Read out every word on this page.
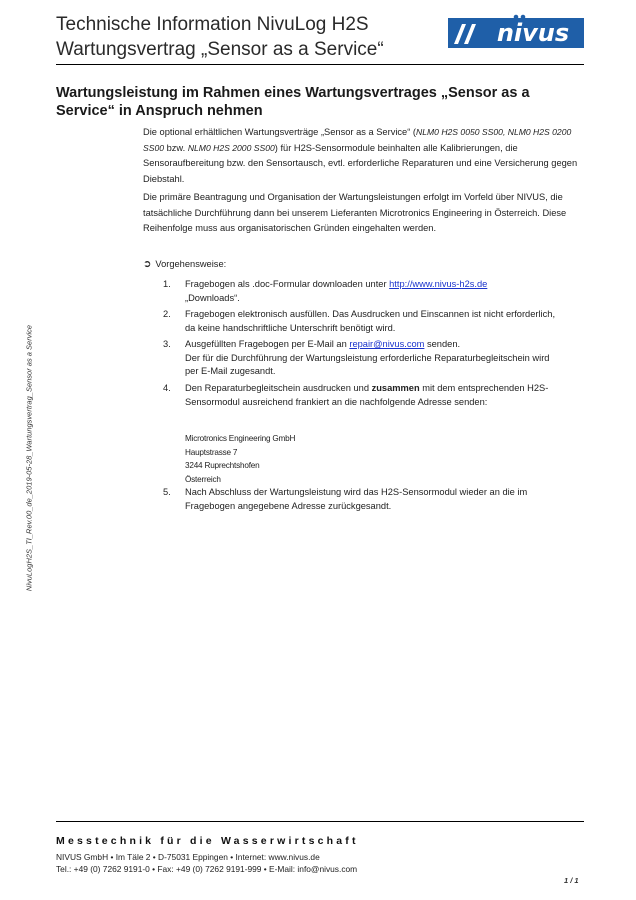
Technische Information NivuLog H2S
Wartungsvertrag „Sensor as a Service“
nivus
NivuLogH2S_TI_Rev.00_de_2019-05-28_Wartungsvertrag_Sensor as a Service
Wartungsleistung im Rahmen eines Wartungsvertrages „Sensor as a Service“ in Anspruch nehmen
Die optional erhältlichen Wartungsverträge „Sensor as a Service“ (NLM0 H2S 0050 SS00, NLM0 H2S 0200 SS00 bzw. NLM0 H2S 2000 SS00) für H2S-Sensormodule beinhalten alle Kalibrierungen, die Sensoraufbereitung bzw. den Sensortausch, evtl. erforderliche Reparaturen und eine Versicherung gegen Diebstahl.
Die primäre Beantragung und Organisation der Wartungsleistungen erfolgt im Vorfeld über NIVUS, die tatsächliche Durchführung dann bei unserem Lieferanten Microtronics Engineering in Österreich. Diese Reihenfolge muss aus organisatorischen Gründen eingehalten werden.
➲ Vorgehensweise:
1. Fragebogen als .doc-Formular downloaden unter http://www.nivus-h2s.de
„Downloads“.
2. Fragebogen elektronisch ausfüllen. Das Ausdrucken und Einscannen ist nicht erforderlich, da keine handschriftliche Unterschrift benötigt wird.
3. Ausgefüllten Fragebogen per E-Mail an repair@nivus.com senden.
Der für die Durchführung der Wartungsleistung erforderliche Reparaturbegleitschein wird per E-Mail zugesandt.
4. Den Reparaturbegleitschein ausdrucken und zusammen mit dem entsprechenden H2S-Sensormodul ausreichend frankiert an die nachfolgende Adresse senden:
5. Nach Abschluss der Wartungsleistung wird das H2S-Sensormodul wieder an die im Fragebogen angegebene Adresse zurückgesandt.
Microtronics Engineering GmbH
Hauptstrasse 7
3244 Ruprechtshofen
Österreich
Messtechnik für die Wasserwirtschaft
NIVUS GmbH • Im Täle 2 • D-75031 Eppingen • Internet: www.nivus.de
Tel.: +49 (0) 7262 9191-0 • Fax: +49 (0) 7262 9191-999 • E-Mail: info@nivus.com
1 / 1
